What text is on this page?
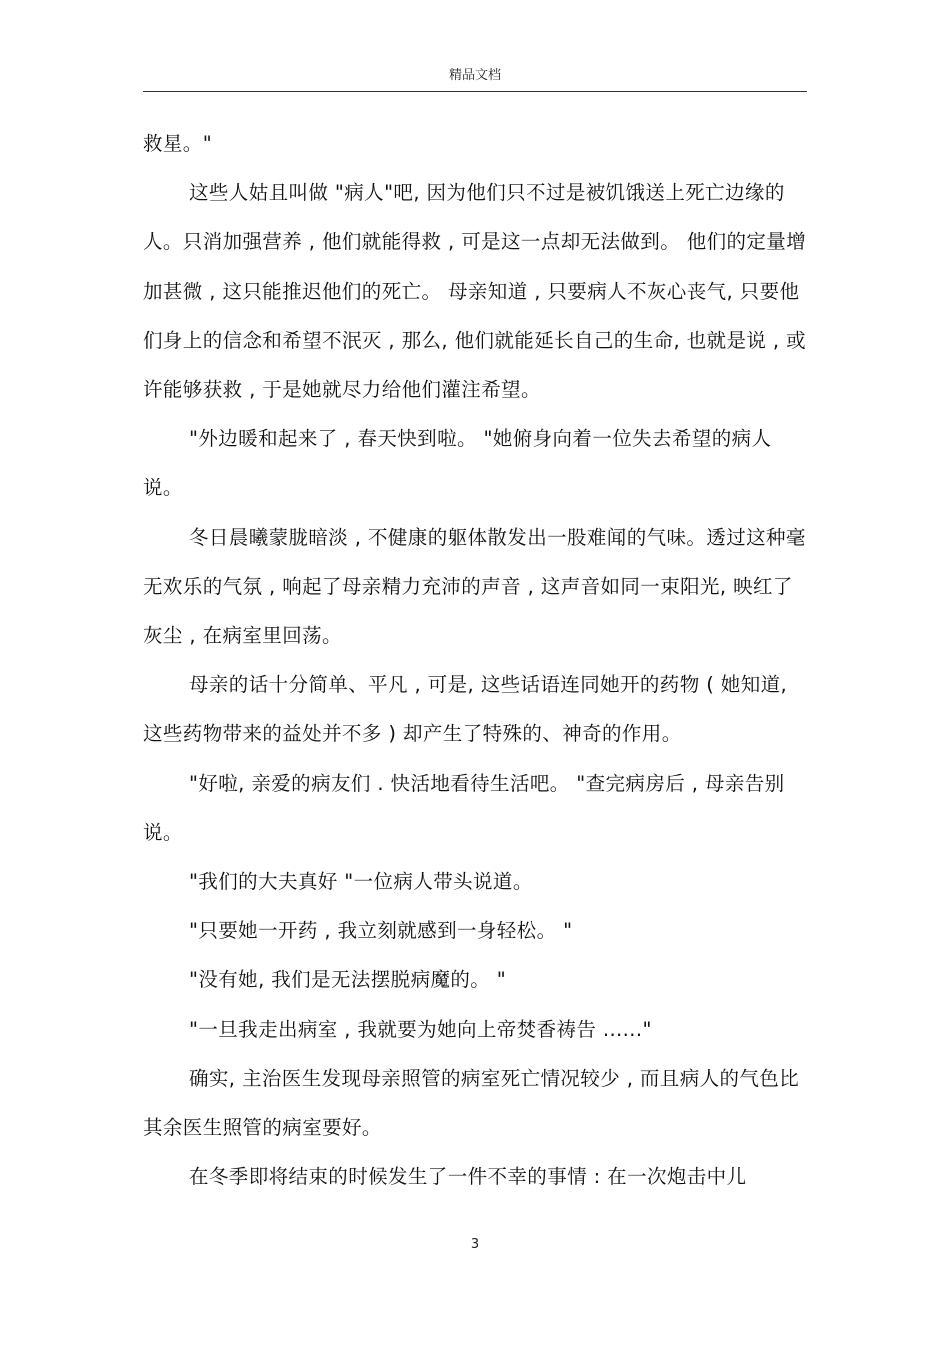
精品文档

救星。"

这些人姑且叫做 "病人"吧, 因为他们只不过是被饥饿送上死亡边缘的人。只消加强营养 , 他们就能得救 , 可是这一点却无法做到。 他们的定量增加甚微 , 这只能推迟他们的死亡。 母亲知道 , 只要病人不灰心丧气, 只要他们身上的信念和希望不泯灭 , 那么, 他们就能延长自己的生命, 也就是说 , 或许能够获救 , 于是她就尽力给他们灌注希望。

"外边暖和起来了 , 春天快到啦。 "她俯身向着一位失去希望的病人说。

冬日晨曦蒙胧暗淡 , 不健康的躯体散发出一股难闻的气味。透过这种毫无欢乐的气氛 , 响起了母亲精力充沛的声音 , 这声音如同一束阳光, 映红了灰尘 , 在病室里回荡。

母亲的话十分简单、平凡 , 可是, 这些话语连同她开的药物 ( 她知道, 这些药物带来的益处并不多 ) 却产生了特殊的、神奇的作用。

"好啦, 亲爱的病友们 . 快活地看待生活吧。 "查完病房后 , 母亲告别说。

"我们的大夫真好 "一位病人带头说道。

"只要她一开药 , 我立刻就感到一身轻松。 "

"没有她, 我们是无法摆脱病魔的。 "

"一旦我走出病室 , 我就要为她向上帝焚香祷告 ......"

确实, 主治医生发现母亲照管的病室死亡情况较少 , 而且病人的气色比其余医生照管的病室要好。

在冬季即将结束的时候发生了一件不幸的事情 : 在一次炮击中儿

3
